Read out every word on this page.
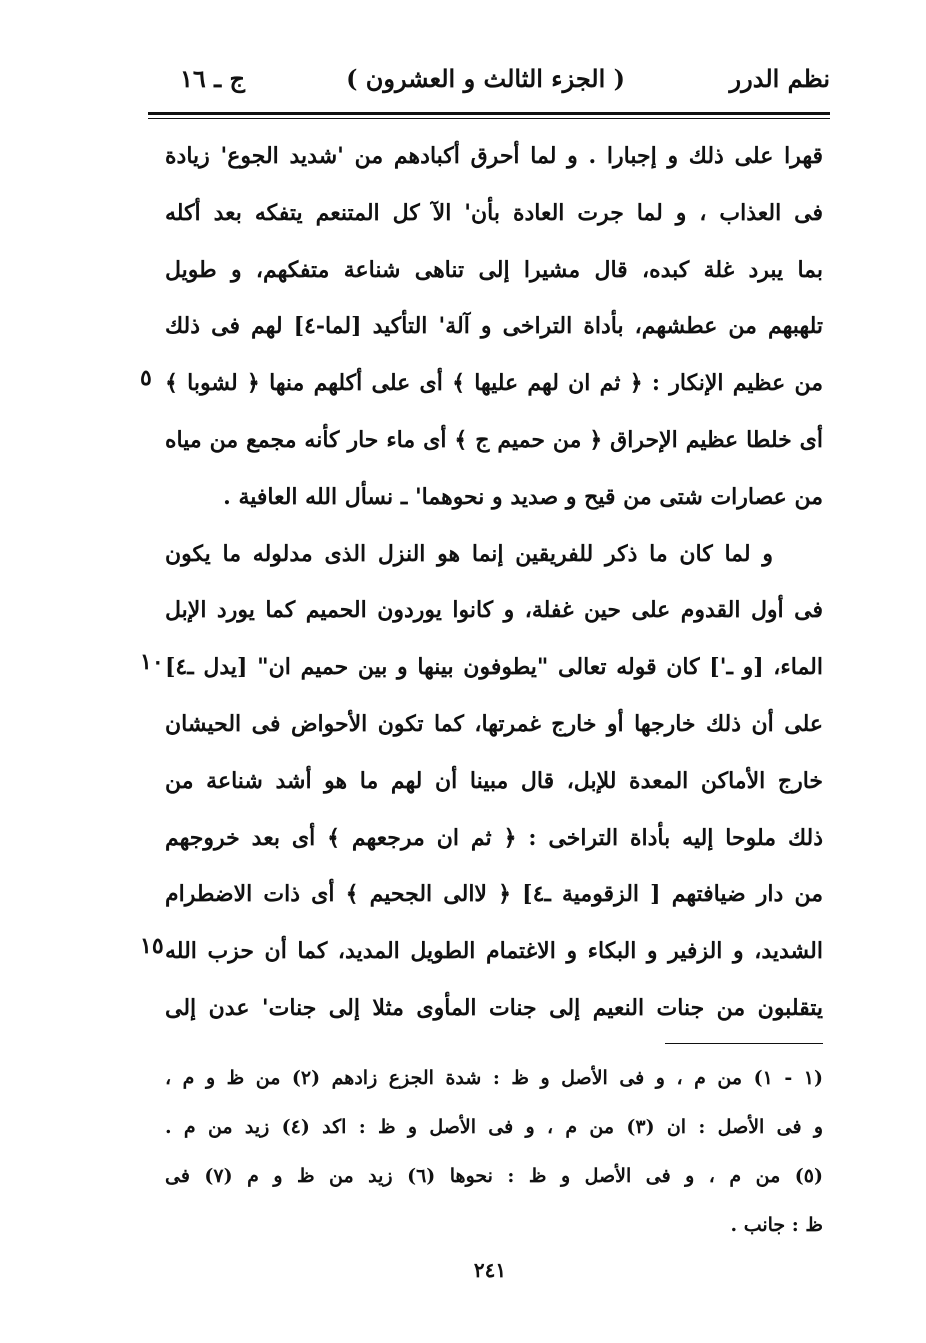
نظم الدرر
( الجزء الثالث و العشرون )
ج ـ ١٦
قهرا على ذلك و إجبارا . و لما أحرق أكبادهم من 'شديد الجوع' زيادة
فى العذاب ، و لما جرت العادة بأن' الآ كل المتنعم يتفكه بعد أكله
بما يبرد غلة كبده، قال مشيرا إلى تناهى شناعة متفكهم، و طويل
تلهبهم من عطشهم، بأداة التراخى و آلة' التأكيد [لما-٤] لهم فى ذلك
من عظيم الإنكار : ﴿ ثم ان لهم عليها ﴾ أى على أكلهم منها ﴿ لشوبا ﴾
أى خلطا عظيم الإحراق ﴿ من حميم ج ﴾ أى ماء حار كأنه مجمع من مياه
من عصارات شتى من قيح و صديد و نحوهما' ـ نسأل الله العافية .
و لما كان ما ذكر للفريقين إنما هو النزل الذى مدلوله ما يكون
فى أول القدوم على حين غفلة، و كانوا يوردون الحميم كما يورد الإبل
الماء، [و ـ'] كان قوله تعالى "يطوفون بينها و بين حميم ان" [يدل ـ٤]
على أن ذلك خارجها أو خارج غمرتها، كما تكون الأحواض فى الحيشان
خارج الأماكن المعدة للإبل، قال مبينا أن لهم ما هو أشد شناعة من
ذلك ملوحا إليه بأداة التراخى : ﴿ ثم ان مرجعهم ﴾ أى بعد خروجهم
من دار ضيافتهم [ الزقومية ـ٤] ﴿ لاالى الجحيم ﴾ أى ذات الاضطرام
الشديد، و الزفير و البكاء و الاغتمام الطويل المديد، كما أن حزب الله
يتقلبون من جنات النعيم إلى جنات المأوى مثلا إلى جنات' عدن إلى
٥
١٠
١٥
(١ - ١) من م ، و فى الأصل و ظ : شدة الجزع زادهم (٢) من ظ و م ،
و فى الأصل : ان (٣) من م ، و فى الأصل و ظ : اكد (٤) زيد من م .
(٥) من م ، و فى الأصل و ظ : نحوها (٦) زيد من ظ و م (٧) فى
ظ : جانب .
٢٤١
